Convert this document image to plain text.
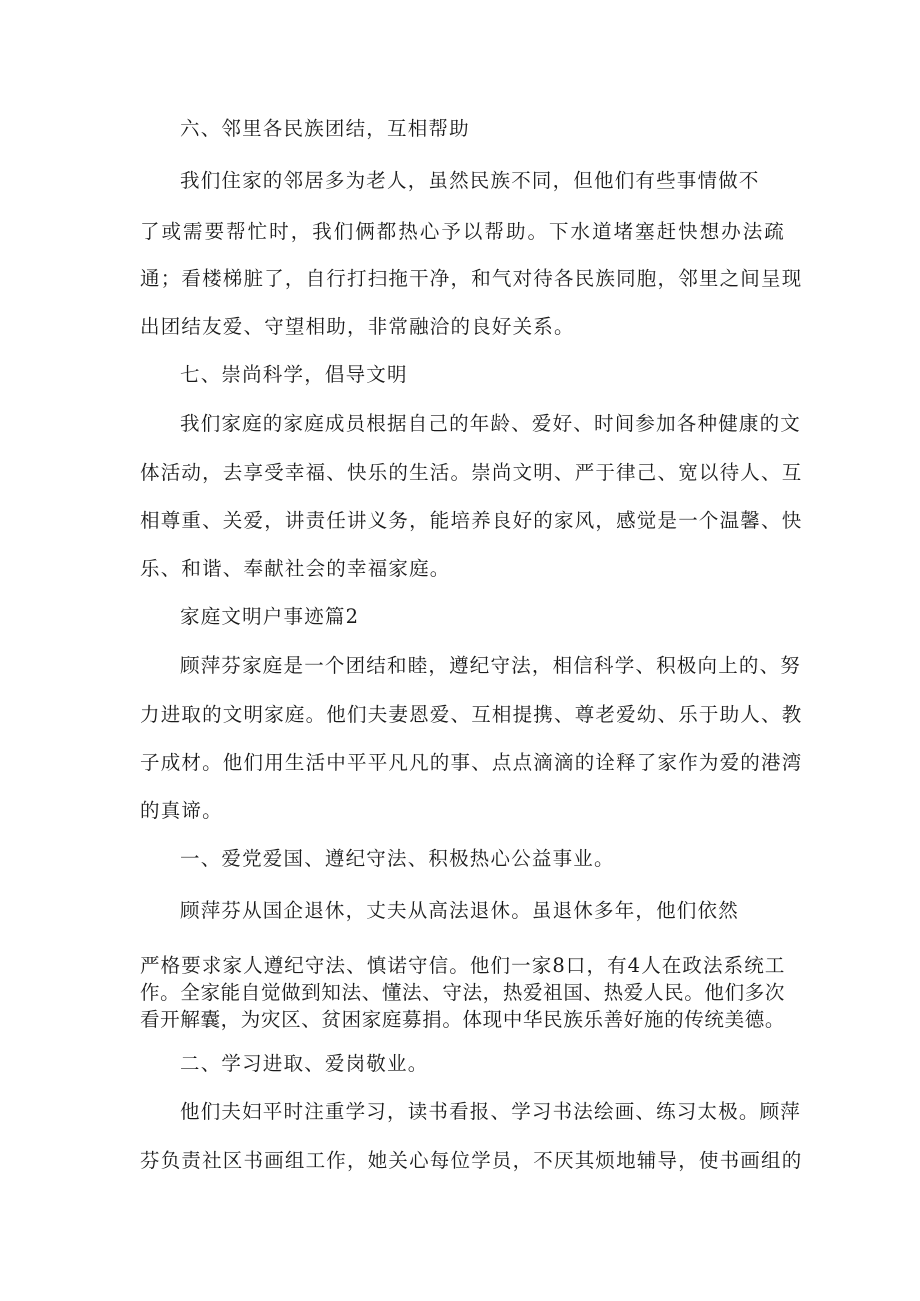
六、邻里各民族团结，互相帮助
我们住家的邻居多为老人，虽然民族不同，但他们有些事情做不
了或需要帮忙时，我们俩都热心予以帮助。下水道堵塞赶快想办法疏
通；看楼梯脏了，自行打扫拖干净，和气对待各民族同胞，邻里之间呈现
出团结友爱、守望相助，非常融洽的良好关系。
七、崇尚科学，倡导文明
我们家庭的家庭成员根据自己的年龄、爱好、时间参加各种健康的文
体活动，去享受幸福、快乐的生活。崇尚文明、严于律己、宽以待人、互
相尊重、关爱，讲责任讲义务，能培养良好的家风，感觉是一个温馨、快
乐、和谐、奉献社会的幸福家庭。
家庭文明户事迹篇2
顾萍芬家庭是一个团结和睦，遵纪守法，相信科学、积极向上的、努
力进取的文明家庭。他们夫妻恩爱、互相提携、尊老爱幼、乐于助人、教
子成材。他们用生活中平平凡凡的事、点点滴滴的诠释了家作为爱的港湾
的真谛。
一、爱党爱国、遵纪守法、积极热心公益事业。
顾萍芬从国企退休，丈夫从高法退休。虽退休多年，他们依然
严格要求家人遵纪守法、慎诺守信。他们一家8口，有4人在政法系统工
作。全家能自觉做到知法、懂法、守法，热爱祖国、热爱人民。他们多次
看开解囊，为灾区、贫困家庭募捐。体现中华民族乐善好施的传统美德。
二、学习进取、爱岗敬业。
他们夫妇平时注重学习，读书看报、学习书法绘画、练习太极。顾萍
芬负责社区书画组工作，她关心每位学员，不厌其烦地辅导，使书画组的
